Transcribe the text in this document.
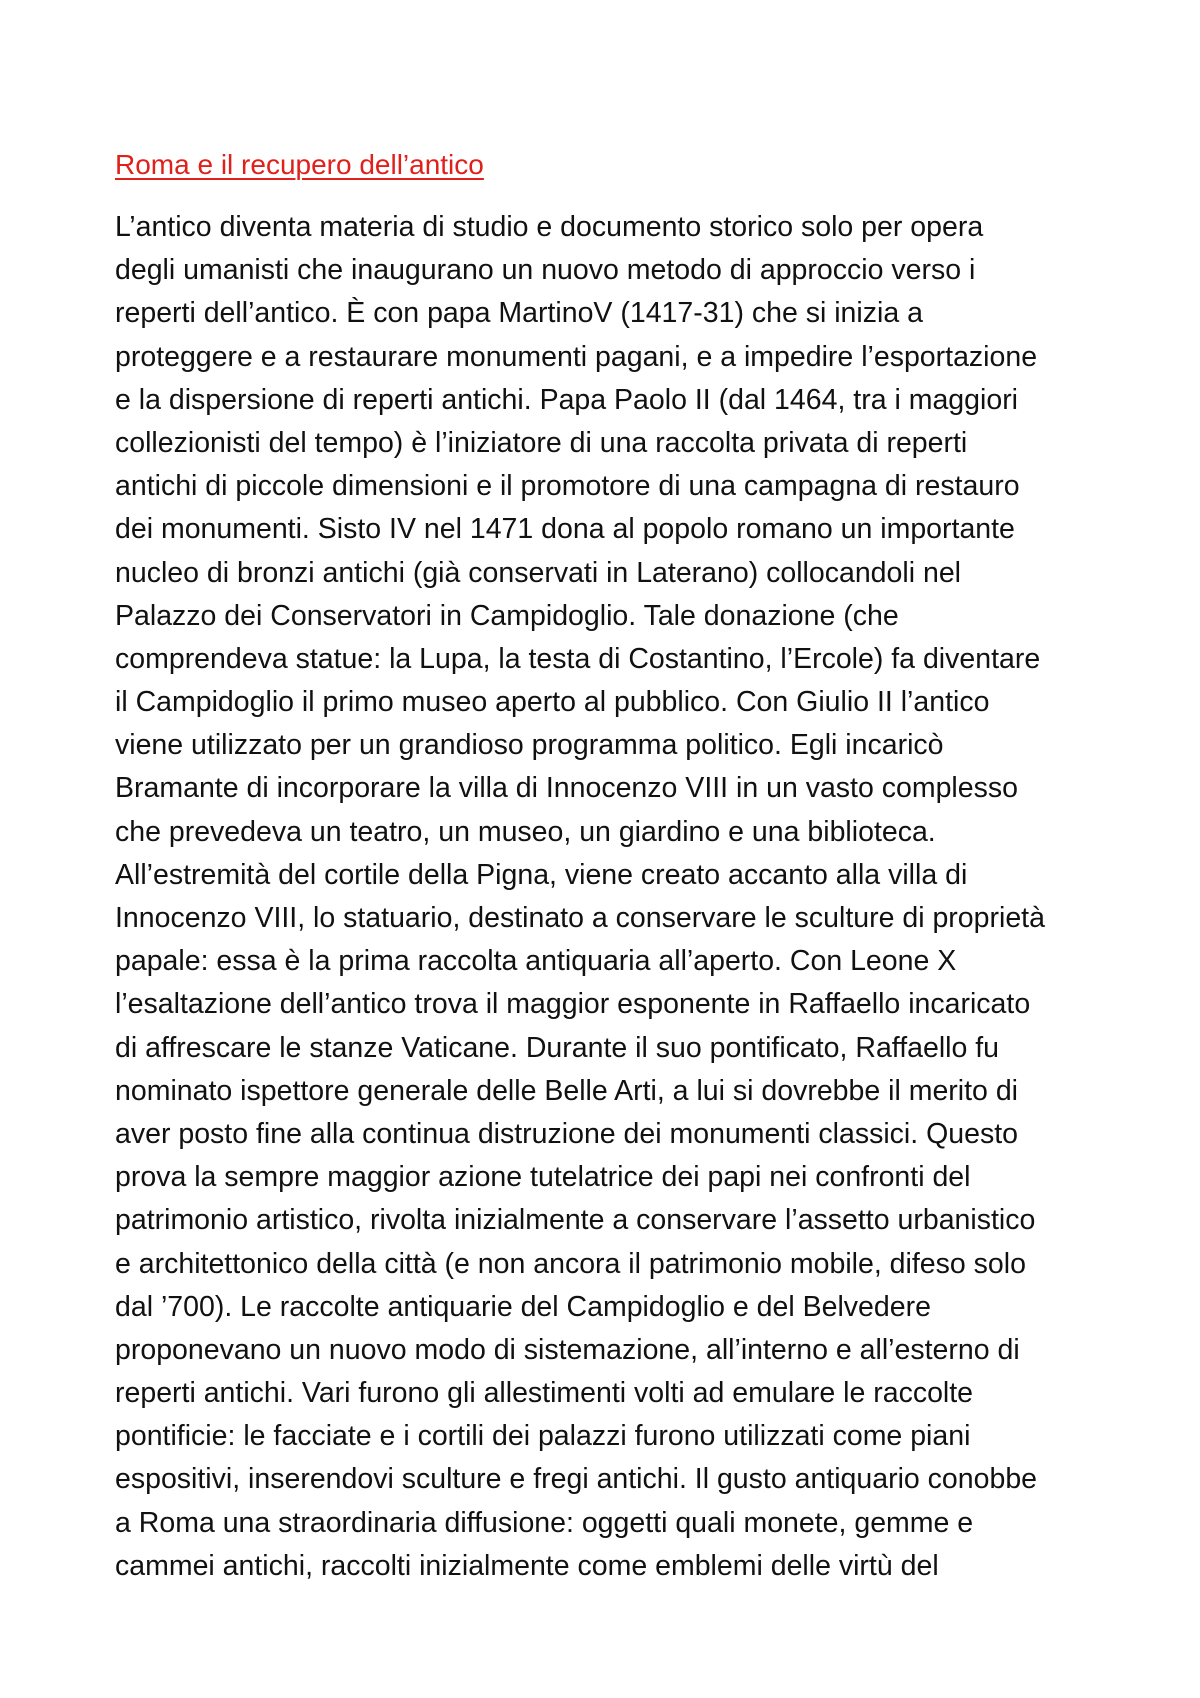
Roma e il recupero dell’antico
L’antico diventa materia di studio e documento storico solo per opera
degli umanisti che inaugurano un nuovo metodo di approccio verso i
reperti dell’antico. È con papa MartinoV (1417-31) che si inizia a
proteggere e a restaurare monumenti pagani, e a impedire l’esportazione
e la dispersione di reperti antichi. Papa Paolo II (dal 1464, tra i maggiori
collezionisti del tempo) è l’iniziatore di una raccolta privata di reperti
antichi di piccole dimensioni e il promotore di una campagna di restauro
dei monumenti. Sisto IV nel 1471 dona al popolo romano un importante
nucleo di bronzi antichi (già conservati in Laterano) collocandoli nel
Palazzo dei Conservatori in Campidoglio. Tale donazione (che
comprendeva statue: la Lupa, la testa di Costantino, l’Ercole) fa diventare
il Campidoglio il primo museo aperto al pubblico. Con Giulio II l’antico
viene utilizzato per un grandioso programma politico. Egli incaricò
Bramante di incorporare la villa di Innocenzo VIII in un vasto complesso
che prevedeva un teatro, un museo, un giardino e una biblioteca.
All’estremità del cortile della Pigna, viene creato accanto alla villa di
Innocenzo VIII, lo statuario, destinato a conservare le sculture di proprietà
papale: essa è la prima raccolta antiquaria all’aperto. Con Leone X
l’esaltazione dell’antico trova il maggior esponente in Raffaello incaricato
di affrescare le stanze Vaticane. Durante il suo pontificato, Raffaello fu
nominato ispettore generale delle Belle Arti, a lui si dovrebbe il merito di
aver posto fine alla continua distruzione dei monumenti classici. Questo
prova la sempre maggior azione tutelatrice dei papi nei confronti del
patrimonio artistico, rivolta inizialmente a conservare l’assetto urbanistico
e architettonico della città (e non ancora il patrimonio mobile, difeso solo
dal ’700). Le raccolte antiquarie del Campidoglio e del Belvedere
proponevano un nuovo modo di sistemazione, all’interno e all’esterno di
reperti antichi. Vari furono gli allestimenti volti ad emulare le raccolte
pontificie: le facciate e i cortili dei palazzi furono utilizzati come piani
espositivi, inserendovi sculture e fregi antichi. Il gusto antiquario conobbe
a Roma una straordinaria diffusione: oggetti quali monete, gemme e
cammei antichi, raccolti inizialmente come emblemi delle virtù del
